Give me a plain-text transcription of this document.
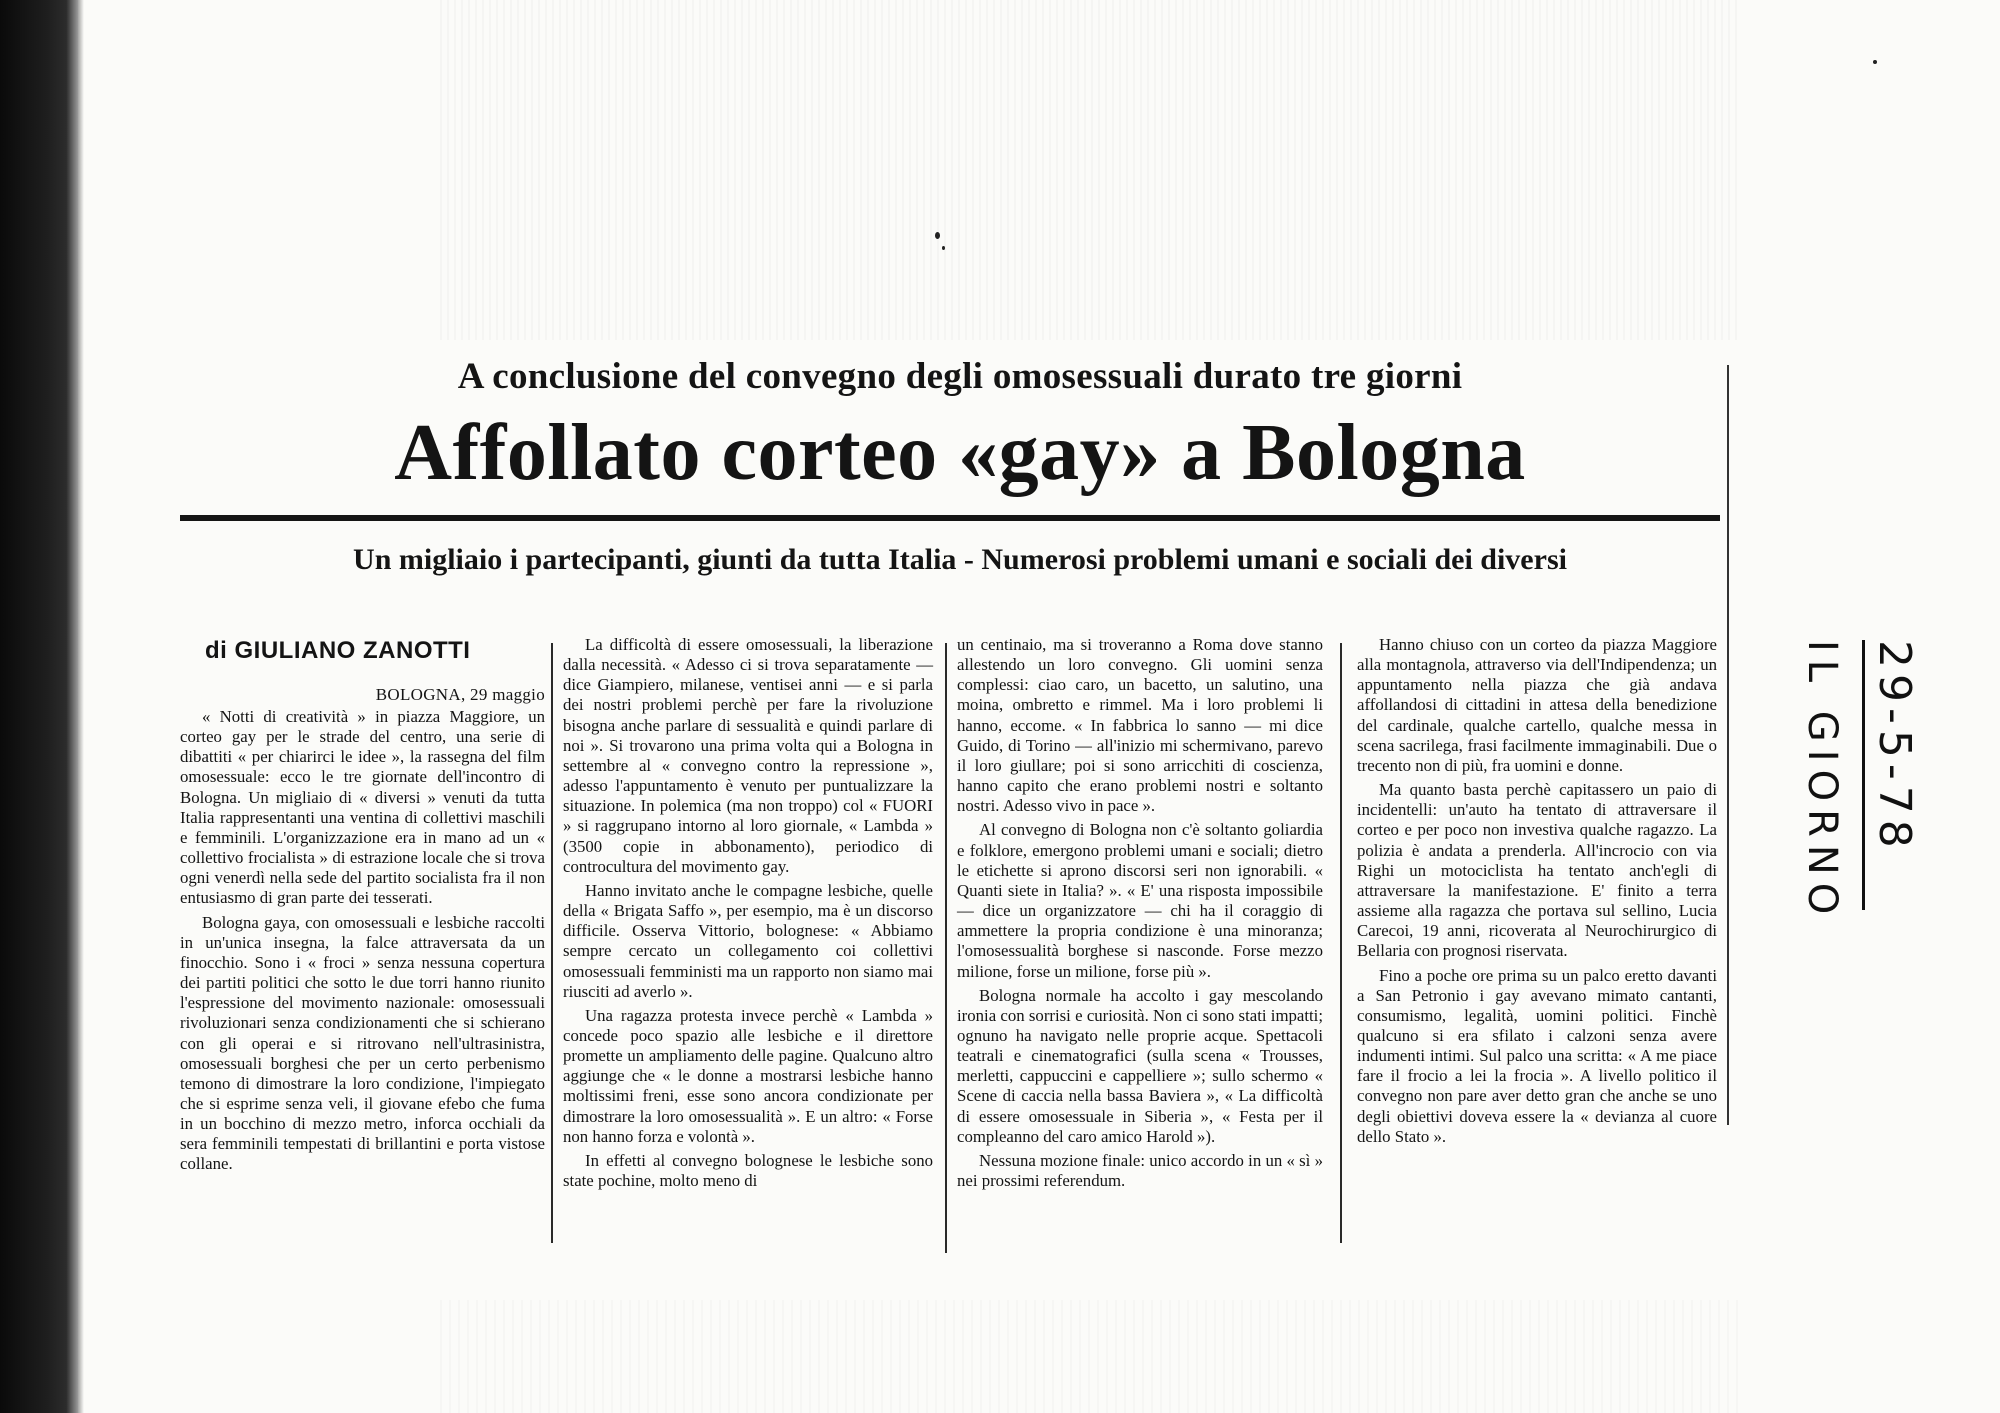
A conclusione del convegno degli omosessuali durato tre giorni
Affollato corteo «gay» a Bologna
Un migliaio i partecipanti, giunti da tutta Italia - Numerosi problemi umani e sociali dei diversi
di GIULIANO ZANOTTI
BOLOGNA, 29 maggio

« Notti di creatività » in piazza Maggiore, un corteo gay per le strade del centro, una serie di dibattiti « per chiarirci le idee », la rassegna del film omosessuale: ecco le tre giornate dell'incontro di Bologna. Un migliaio di « diversi » venuti da tutta Italia rappresentanti una ventina di collettivi maschili e femminili. L'organizzazione era in mano ad un « collettivo frocialista » di estrazione locale che si trova ogni venerdì nella sede del partito socialista fra il non entusiasmo di gran parte dei tesserati.

Bologna gaya, con omosessuali e lesbiche raccolti in un'unica insegna, la falce attraversata da un finocchio. Sono i « froci » senza nessuna copertura dei partiti politici che sotto le due torri hanno riunito l'espressione del movimento nazionale: omosessuali rivoluzionari senza condizionamenti che si schierano con gli operai e si ritrovano nell'ultrasinistra, omosessuali borghesi che per un certo perbenismo temono di dimostrare la loro condizione, l'impiegato che si esprime senza veli, il giovane efebo che fuma in un bocchino di mezzo metro, inforca occhiali da sera femminili tempestati di brillantini e porta vistose collane.

La difficoltà di essere omosessuali, la liberazione dalla necessità. « Adesso ci si trova separatamente — dice Giampiero, milanese, ventisei anni — e si parla dei nostri problemi perchè per fare la rivoluzione bisogna anche parlare di sessualità e quindi parlare di noi ». Si trovarono una prima volta qui a Bologna in settembre al « convegno contro la repressione », adesso l'appuntamento è venuto per puntualizzare la situazione. In polemica (ma non troppo) col « FUORI » si raggrupano intorno al loro giornale, « Lambda » (3500 copie in abbonamento), periodico di controcultura del movimento gay.

Hanno invitato anche le compagne lesbiche, quelle della « Brigata Saffo », per esempio, ma è un discorso difficile. Osserva Vittorio, bolognese: « Abbiamo sempre cercato un collegamento coi collettivi omosessuali femministi ma un rapporto non siamo mai riusciti ad averlo ».

Una ragazza protesta invece perchè « Lambda » concede poco spazio alle lesbiche e il direttore promette un ampliamento delle pagine. Qualcuno altro aggiunge che « le donne a mostrarsi lesbiche hanno moltissimi freni, esse sono ancora condizionate per dimostrare la loro omosessualità ». E un altro: « Forse non hanno forza e volontà ».

In effetti al convegno bolognese le lesbiche sono state pochine, molto meno di

un centinaio, ma si troveranno a Roma dove stanno allestendo un loro convegno. Gli uomini senza complessi: ciao caro, un bacetto, un salutino, una moina, ombretto e rimmel. Ma i loro problemi li hanno, eccome. « In fabbrica lo sanno — mi dice Guido, di Torino — all'inizio mi schermivano, parevo il loro giullare; poi si sono arricchiti di coscienza, hanno capito che erano problemi nostri e soltanto nostri. Adesso vivo in pace ».

Al convegno di Bologna non c'è soltanto goliardia e folklore, emergono problemi umani e sociali; dietro le etichette si aprono discorsi seri non ignorabili. « Quanti siete in Italia? ». « E' una risposta impossibile — dice un organizzatore — chi ha il coraggio di ammettere la propria condizione è una minoranza; l'omosessualità borghese si nasconde. Forse mezzo milione, forse un milione, forse più ».

Bologna normale ha accolto i gay mescolando ironia con sorrisi e curiosità. Non ci sono stati impatti; ognuno ha navigato nelle proprie acque. Spettacoli teatrali e cinematografici (sulla scena « Trousses, merletti, cappuccini e cappelliere »; sullo schermo « Scene di caccia nella bassa Baviera », « La difficoltà di essere omosessuale in Siberia », « Festa per il compleanno del caro amico Harold »).

Nessuna mozione finale: unico accordo in un « sì » nei prossimi referendum.

Hanno chiuso con un corteo da piazza Maggiore alla montagnola, attraverso via dell'Indipendenza; un appuntamento nella piazza che già andava affollandosi di cittadini in attesa della benedizione del cardinale, qualche cartello, qualche messa in scena sacrilega, frasi facilmente immaginabili. Due o trecento non di più, fra uomini e donne.

Ma quanto basta perchè capitassero un paio di incidentelli: un'auto ha tentato di attraversare il corteo e per poco non investiva qualche ragazzo. La polizia è andata a prenderla. All'incrocio con via Righi un motociclista ha tentato anch'egli di attraversare la manifestazione. E' finito a terra assieme alla ragazza che portava sul sellino, Lucia Carecoi, 19 anni, ricoverata al Neurochirurgico di Bellaria con prognosi riservata.

Fino a poche ore prima su un palco eretto davanti a San Petronio i gay avevano mimato cantanti, consumismo, legalità, uomini politici. Finchè qualcuno si era sfilato i calzoni senza avere indumenti intimi. Sul palco una scritta: « A me piace fare il frocio a lei la frocia ». A livello politico il convegno non pare aver detto gran che anche se uno degli obiettivi doveva essere la « devianza al cuore dello Stato ».

29-5-78
IL GIORNO
